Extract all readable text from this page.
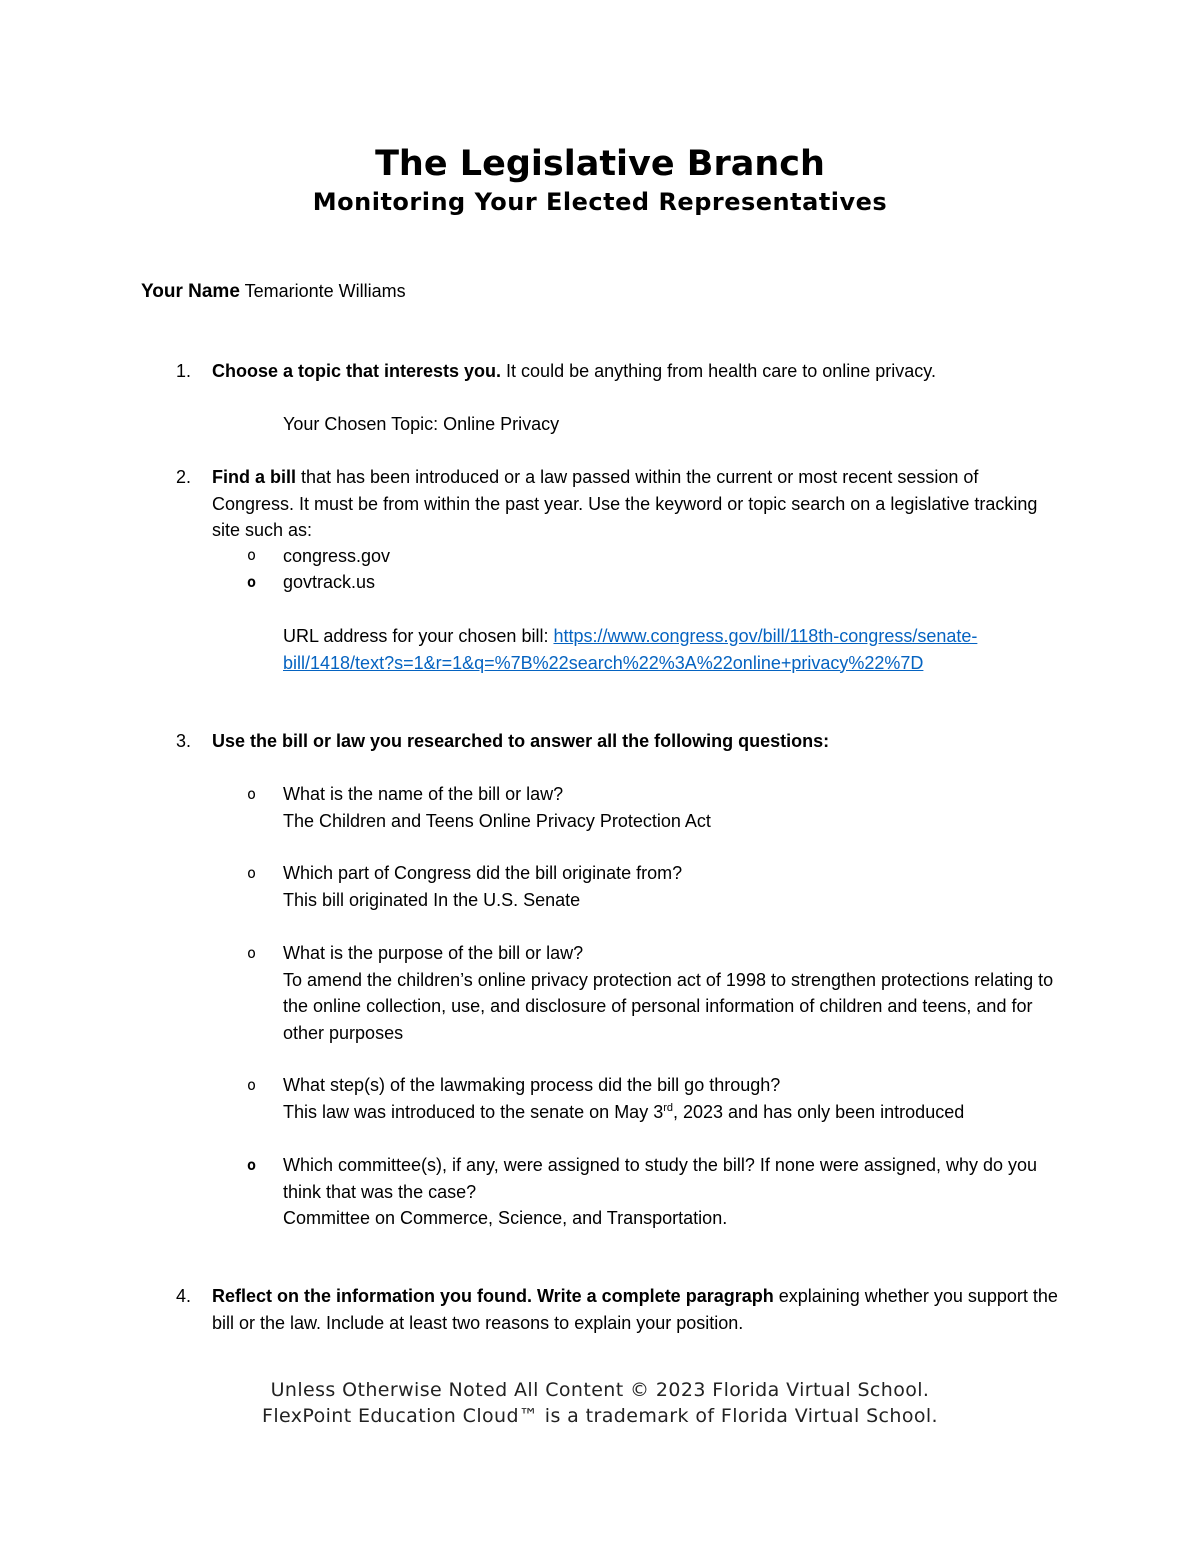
The Legislative Branch
Monitoring Your Elected Representatives
Your Name Temarionte Williams
1.	Choose a topic that interests you. It could be anything from health care to online privacy.
Your Chosen Topic: Online Privacy
2.	Find a bill that has been introduced or a law passed within the current or most recent session of Congress. It must be from within the past year. Use the keyword or topic search on a legislative tracking site such as:
o congress.gov
o govtrack.us
URL address for your chosen bill: https://www.congress.gov/bill/118th-congress/senate-
bill/1418/text?s=1&r=1&q=%7B%22search%22%3A%22online+privacy%22%7D
3.	Use the bill or law you researched to answer all the following questions:
o What is the name of the bill or law?
The Children and Teens Online Privacy Protection Act
o Which part of Congress did the bill originate from?
This bill originated In the U.S. Senate
o What is the purpose of the bill or law?
To amend the children’s online privacy protection act of 1998 to strengthen protections relating to the online collection, use, and disclosure of personal information of children and teens, and for other purposes
o What step(s) of the lawmaking process did the bill go through?
This law was introduced to the senate on May 3rd, 2023 and has only been introduced
o Which committee(s), if any, were assigned to study the bill? If none were assigned, why do you think that was the case?
Committee on Commerce, Science, and Transportation.
4.	Reflect on the information you found. Write a complete paragraph explaining whether you support the bill or the law. Include at least two reasons to explain your position.
Unless Otherwise Noted All Content © 2023 Florida Virtual School.
FlexPoint Education Cloud™ is a trademark of Florida Virtual School.
